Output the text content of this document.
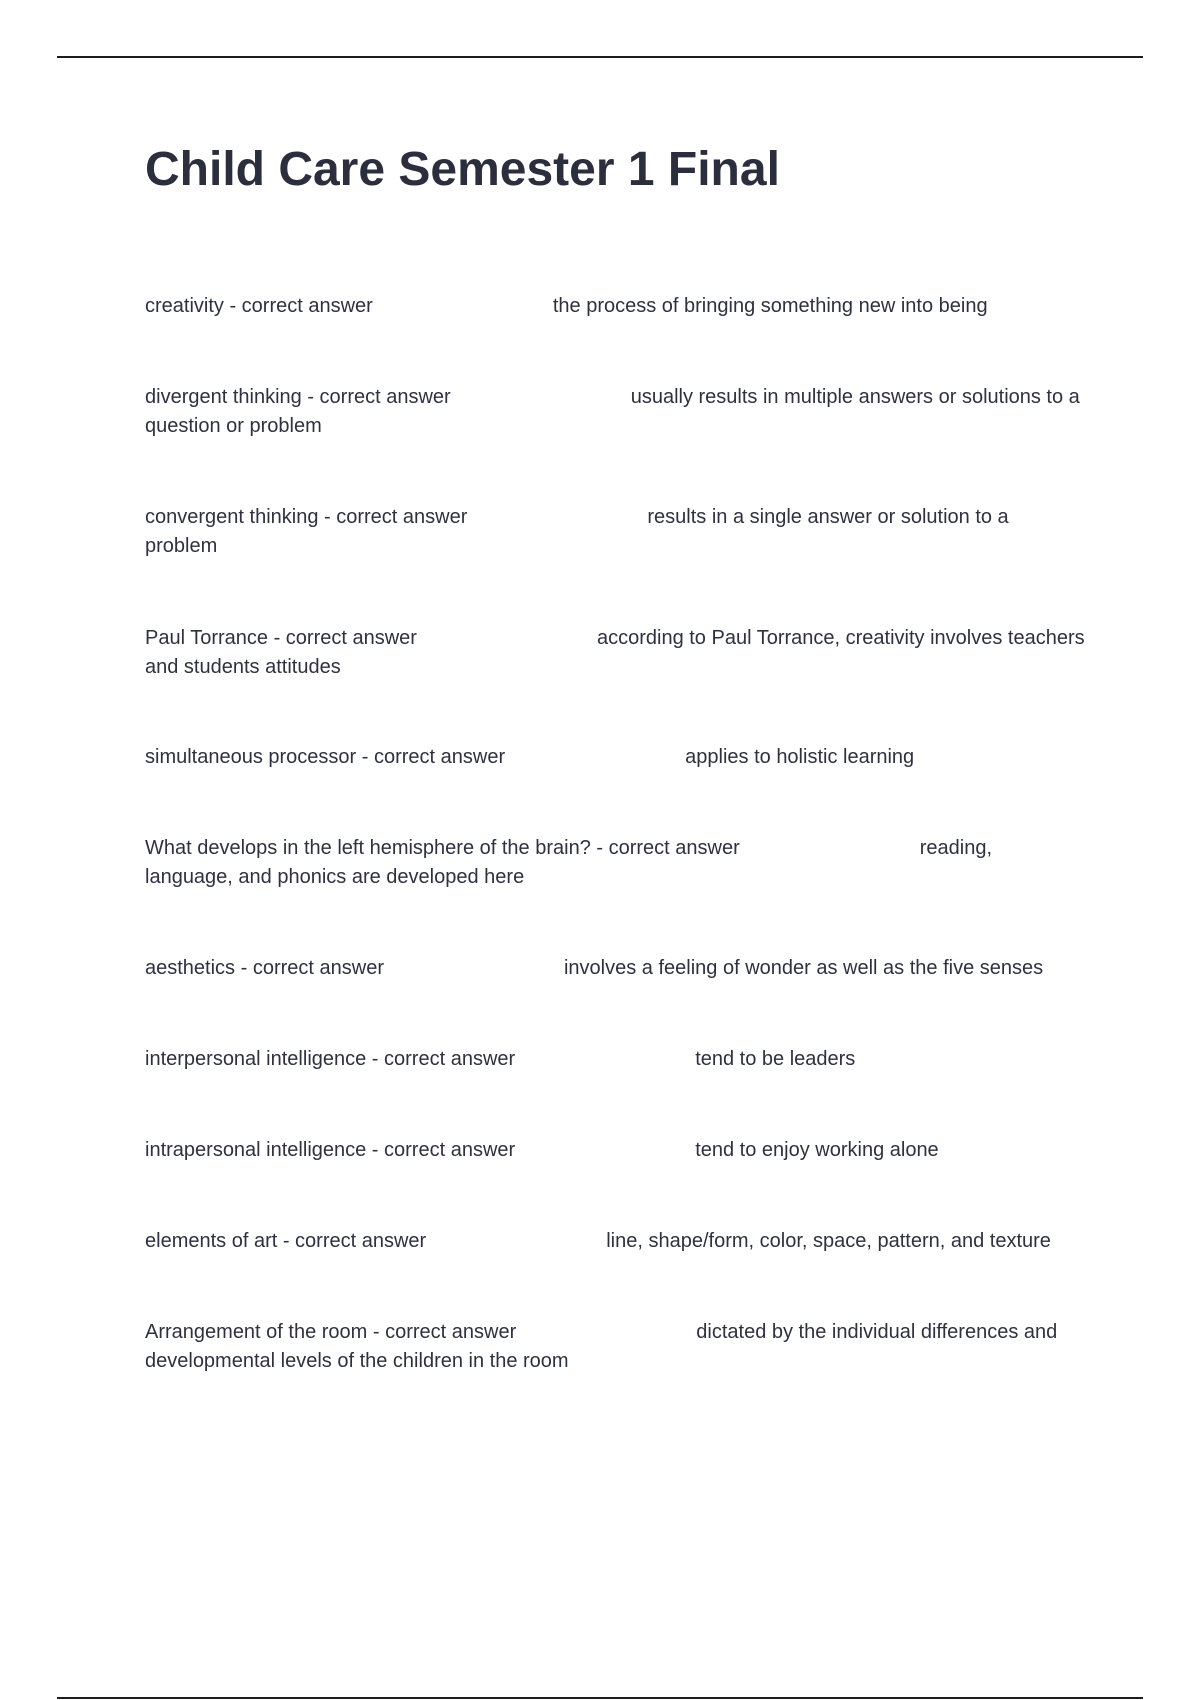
Child Care Semester 1 Final
creativity - correct answer	the process of bringing something new into being
divergent thinking - correct answer	usually results in multiple answers or solutions to a question or problem
convergent thinking - correct answer	results in a single answer or solution to a problem
Paul Torrance - correct answer	according to Paul Torrance, creativity involves teachers and students attitudes
simultaneous processor - correct answer	applies to holistic learning
What develops in the left hemisphere of the brain? - correct answer	reading, language, and phonics are developed here
aesthetics - correct answer	involves a feeling of wonder as well as the five senses
interpersonal intelligence - correct answer	tend to be leaders
intrapersonal intelligence - correct answer	tend to enjoy working alone
elements of art - correct answer	line, shape/form, color, space, pattern, and texture
Arrangement of the room - correct answer	dictated by the individual differences and developmental levels of the children in the room
